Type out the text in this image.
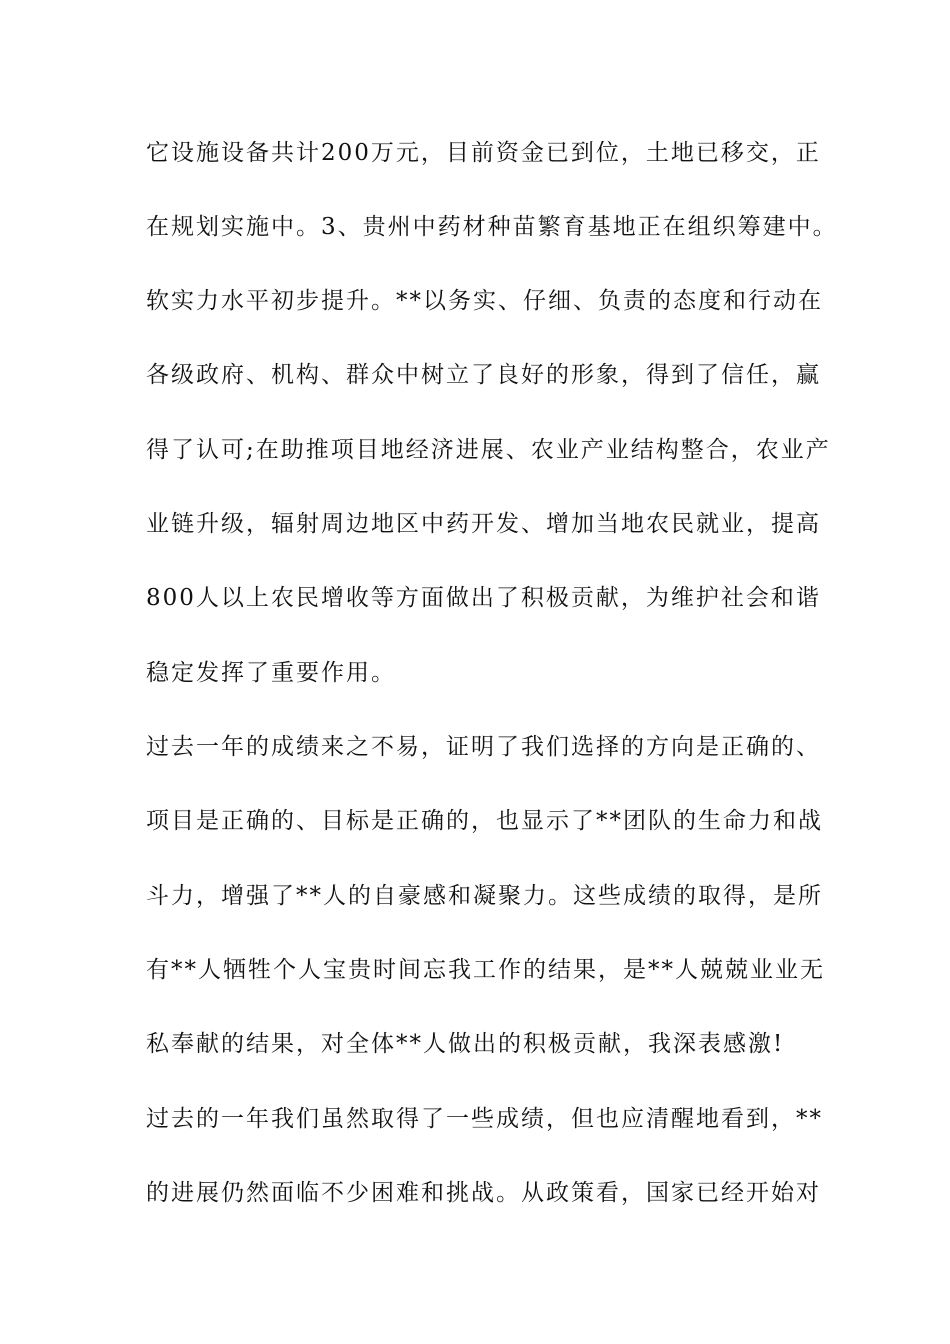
它设施设备共计200万元，目前资金已到位，土地已移交，正
在规划实施中。3、贵州中药材种苗繁育基地正在组织筹建中。
软实力水平初步提升。**以务实、仔细、负责的态度和行动在
各级政府、机构、群众中树立了良好的形象，得到了信任，赢
得了认可;在助推项目地经济进展、农业产业结构整合，农业产
业链升级，辐射周边地区中药开发、增加当地农民就业，提高
800人以上农民增收等方面做出了积极贡献，为维护社会和谐
稳定发挥了重要作用。
过去一年的成绩来之不易，证明了我们选择的方向是正确的、
项目是正确的、目标是正确的，也显示了**团队的生命力和战
斗力，增强了**人的自豪感和凝聚力。这些成绩的取得，是所
有**人牺牲个人宝贵时间忘我工作的结果，是**人兢兢业业无
私奉献的结果，对全体**人做出的积极贡献，我深表感激!
过去的一年我们虽然取得了一些成绩，但也应清醒地看到，**
的进展仍然面临不少困难和挑战。从政策看，国家已经开始对
